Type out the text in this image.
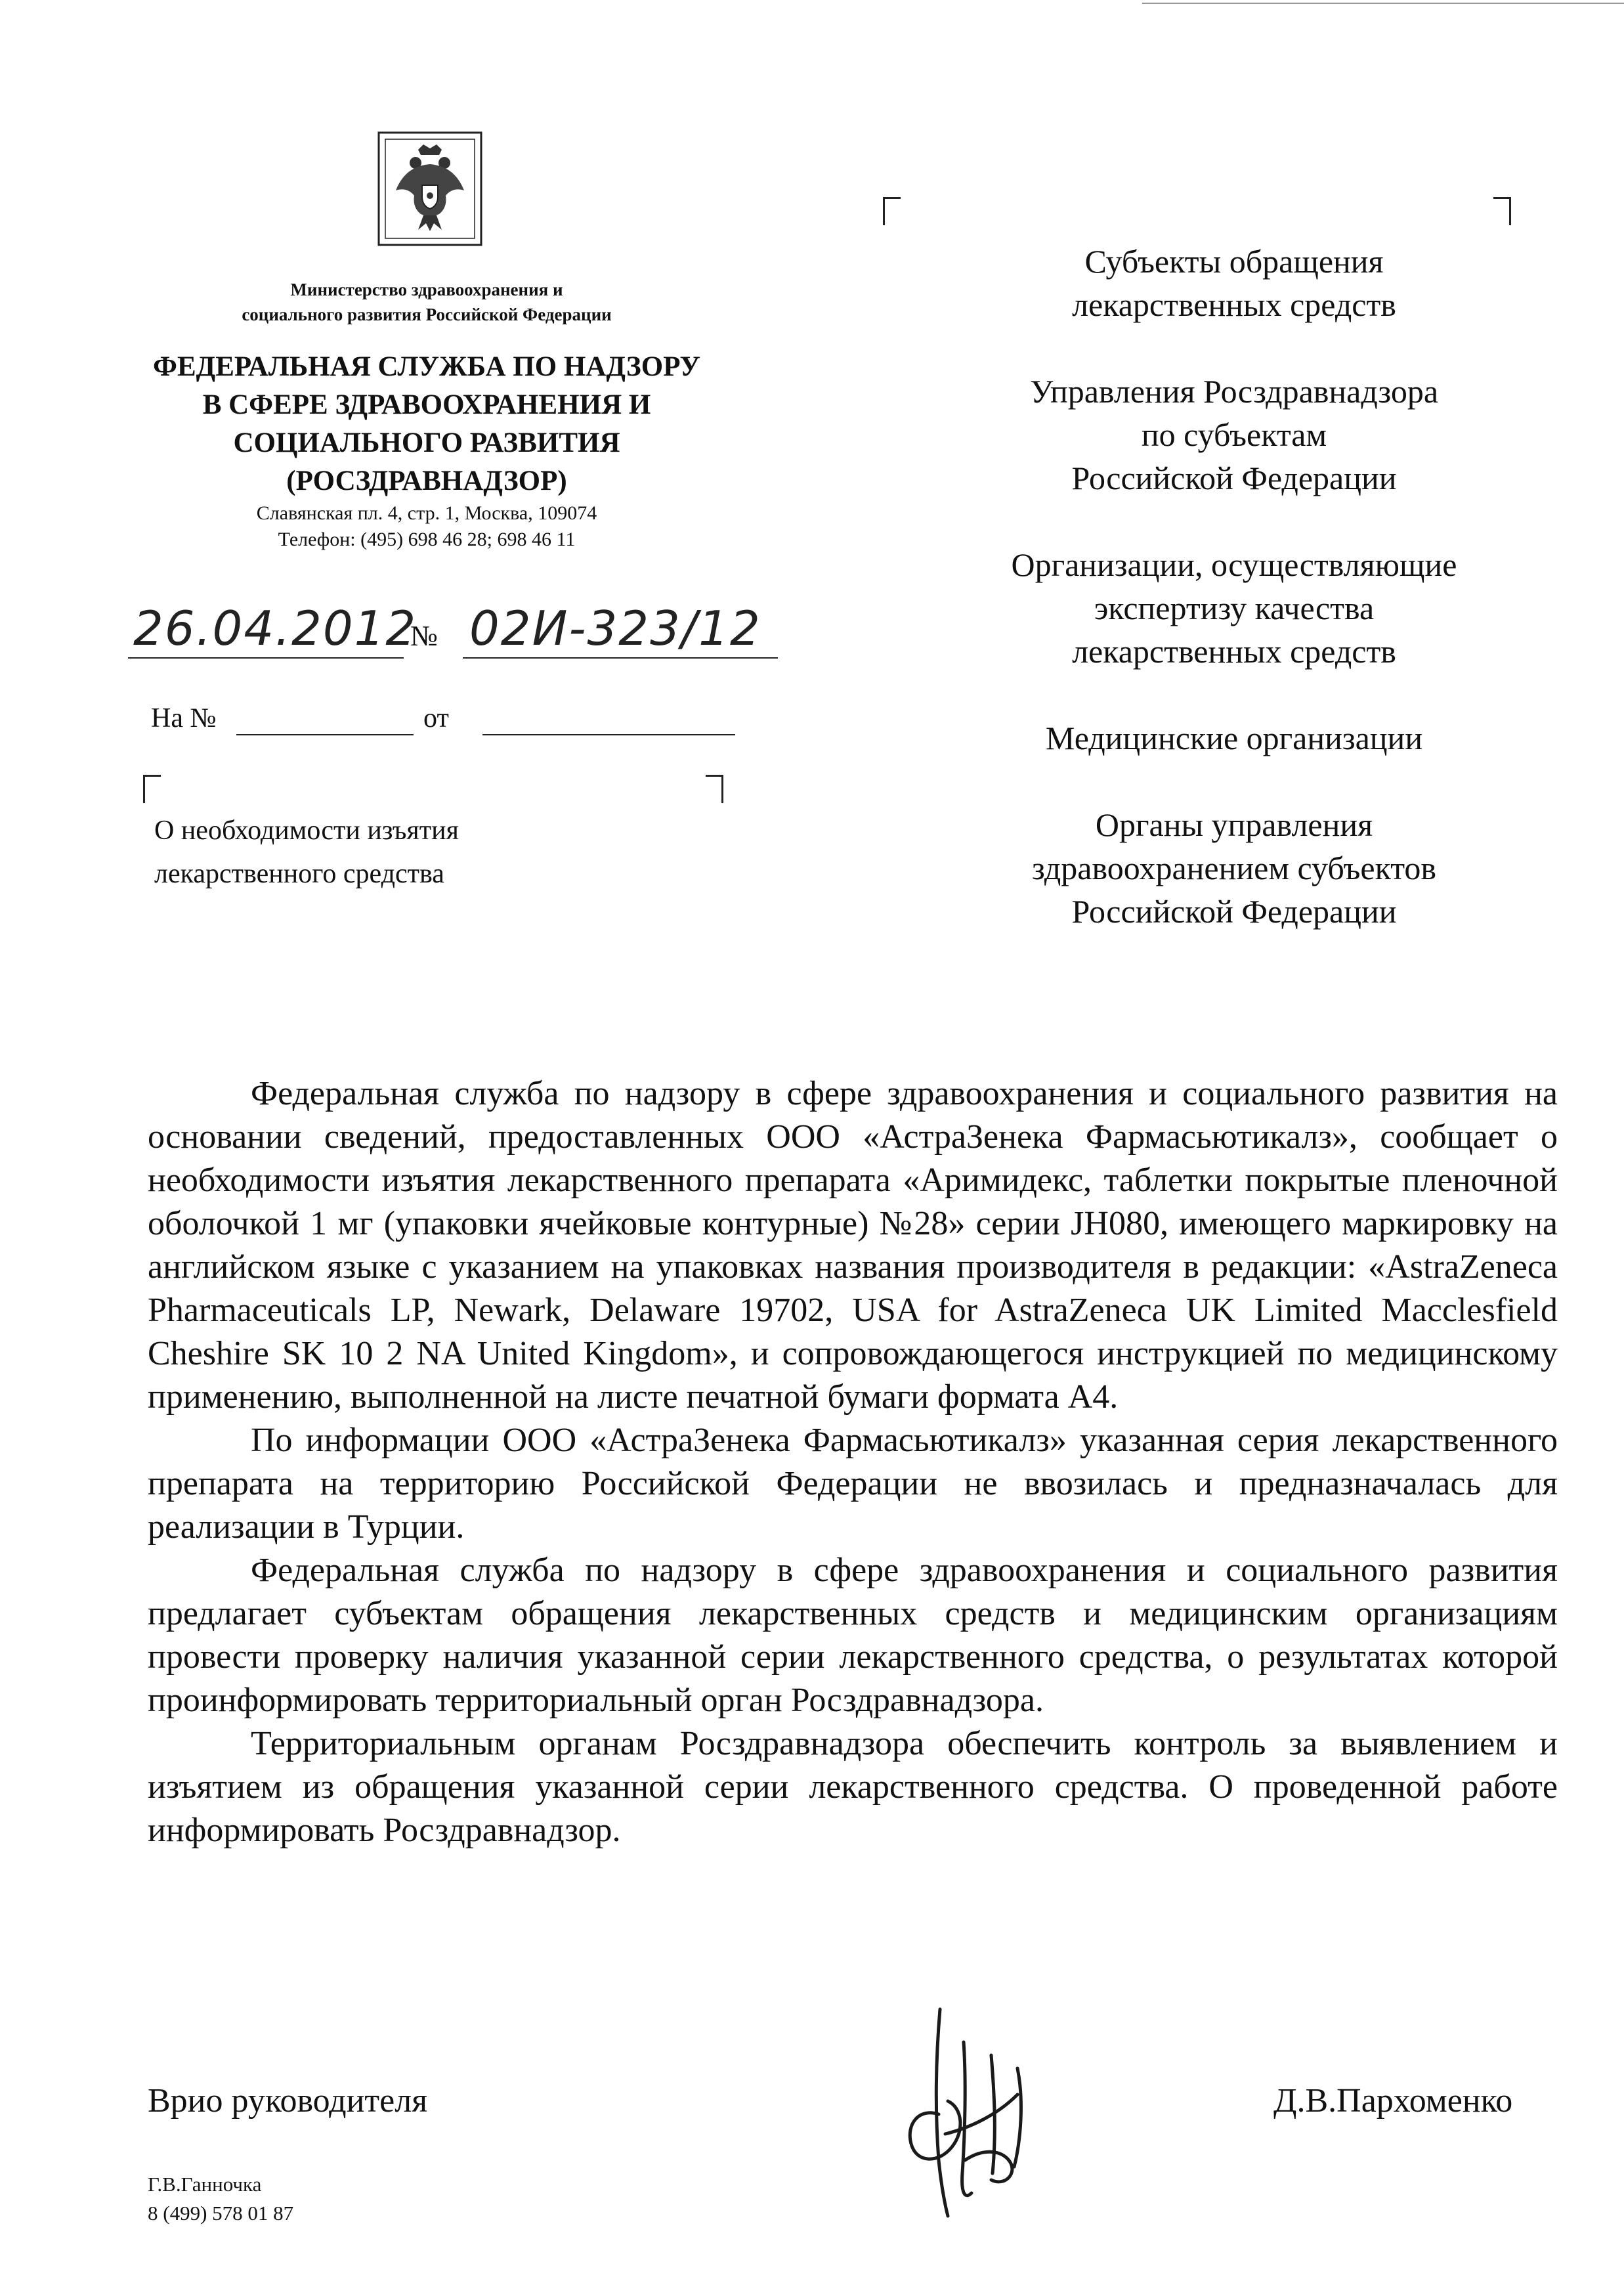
Министерство здравоохранения и
социального развития Российской Федерации
ФЕДЕРАЛЬНАЯ СЛУЖБА ПО НАДЗОРУ
В СФЕРЕ ЗДРАВООХРАНЕНИЯ И
СОЦИАЛЬНОГО РАЗВИТИЯ
(РОСЗДРАВНАДЗОР)
Славянская пл. 4, стр. 1, Москва, 109074
Телефон: (495) 698 46 28; 698 46 11
26.04.2012
№ 02И-323/12
На №	от
О необходимости изъятия
лекарственного средства
Субъекты обращения
лекарственных средств
Управления Росздравнадзора
по субъектам
Российской Федерации
Организации, осуществляющие
экспертизу качества
лекарственных средств
Медицинские организации
Органы управления
здравоохранением субъектов
Российской Федерации

Федеральная служба по надзору в сфере здравоохранения и социального развития на основании сведений, предоставленных ООО «АстраЗенека Фармасьютикалз», сообщает о необходимости изъятия лекарственного препарата «Аримидекс, таблетки покрытые пленочной оболочкой 1 мг (упаковки ячейковые контурные) №28» серии JH080, имеющего маркировку на английском языке с указанием на упаковках названия производителя в редакции: «AstraZeneca Pharmaceuticals LP, Newark, Delaware 19702, USA for AstraZeneca UK Limited Macclesfield Cheshire SK 10 2 NA United Kingdom», и сопровождающегося инструкцией по медицинскому применению, выполненной на листе печатной бумаги формата А4.

По информации ООО «АстраЗенека Фармасьютикалз» указанная серия лекарственного препарата на территорию Российской Федерации не ввозилась и предназначалась для реализации в Турции.

Федеральная служба по надзору в сфере здравоохранения и социального развития предлагает субъектам обращения лекарственных средств и медицинским организациям провести проверку наличия указанной серии лекарственного средства, о результатах которой проинформировать территориальный орган Росздравнадзора.

Территориальным органам Росздравнадзора обеспечить контроль за выявлением и изъятием из обращения указанной серии лекарственного средства. О проведенной работе информировать Росздравнадзор.

Врио руководителя	Д.В.Пархоменко
Г.В.Ганночка
8 (499) 578 01 87
